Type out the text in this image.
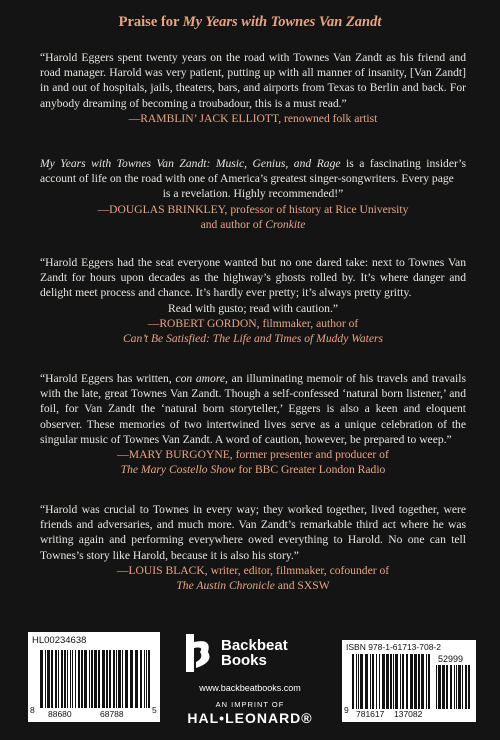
Praise for My Years with Townes Van Zandt

“Harold Eggers spent twenty years on the road with Townes Van Zandt as his friend and road manager. Harold was very patient, putting up with all manner of insanity, [Van Zandt] in and out of hospitals, jails, theaters, bars, and airports from Texas to Berlin and back. For anybody dreaming of becoming a troubadour, this is a must read.”

—RAMBLIN’ JACK ELLIOTT, renowned folk artist

My Years with Townes Van Zandt: Music, Genius, and Rage is a fascinating insider’s account of life on the road with one of America’s greatest singer-songwriters. Every page

is a revelation. Highly recommended!”

—DOUGLAS BRINKLEY, professor of history at Rice University
and author of Cronkite

“Harold Eggers had the seat everyone wanted but no one dared take: next to Townes Van Zandt for hours upon decades as the highway’s ghosts rolled by. It’s where danger and delight meet process and chance. It’s hardly ever pretty; it’s always pretty gritty.

Read with gusto; read with caution.”

—ROBERT GORDON, filmmaker, author of
Can’t Be Satisfied: The Life and Times of Muddy Waters

“Harold Eggers has written, con amore, an illuminating memoir of his travels and travails with the late, great Townes Van Zandt. Though a self-confessed ‘natural born listener,’ and foil, for Van Zandt the ‘natural born storyteller,’ Eggers is also a keen and eloquent observer. These memories of two intertwined lives serve as a unique celebration of the singular music of Townes Van Zandt. A word of caution, however, be prepared to weep.”

—MARY BURGOYNE, former presenter and producer of
The Mary Costello Show for BBC Greater London Radio

“Harold was crucial to Townes in every way; they worked together, lived together, were friends and adversaries, and much more. Van Zandt’s remarkable third act where he was writing again and performing everywhere owed everything to Harold. No one can tell Townes’s story like Harold, because it is also his story.”

—LOUIS BLACK, writer, editor, filmmaker, cofounder of
The Austin Chronicle and SXSW
HL00234638
8 88680	68788	5
Backbeat
Books
www.backbeatbooks.com
AN IMPRINT OF
HAL•LEONARD®
ISBN 978-1-61713-708-2
52999
9 781617 137082
